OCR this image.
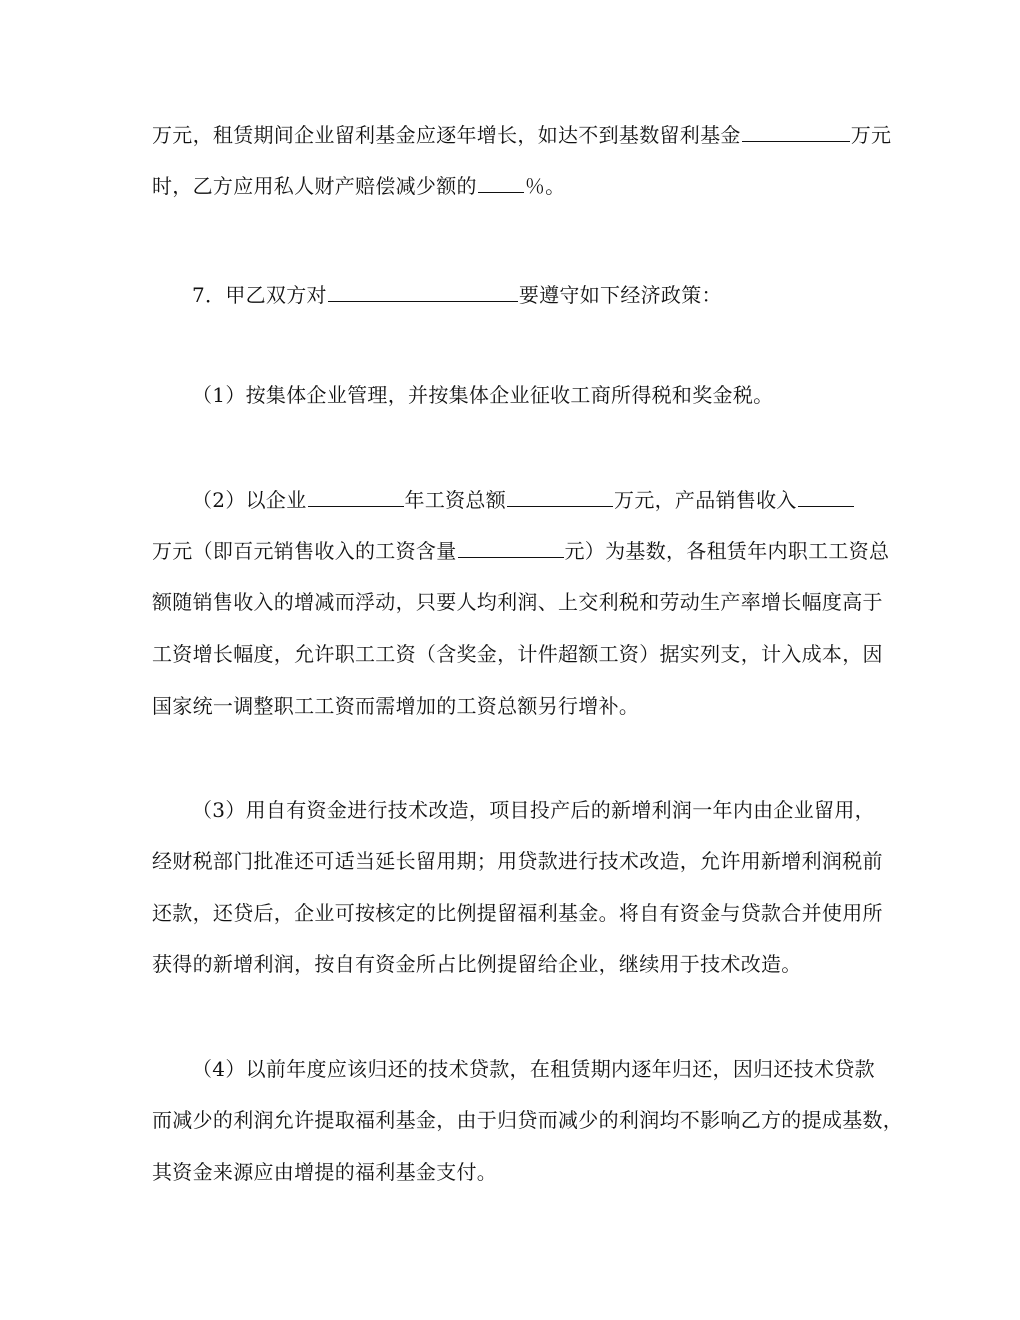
万元，租赁期间企业留利基金应逐年增长，如达不到基数留利基金	万元
时，乙方应用私人财产赔偿减少额的 ％。
7．甲乙双方对	要遵守如下经济政策：
（1）按集体企业管理，并按集体企业征收工商所得税和奖金税。
（2）以企业	年工资总额	万元，产品销售收入
万元（即百元销售收入的工资含量	元）为基数，各租赁年内职工工资总
额随销售收入的增减而浮动，只要人均利润、上交利税和劳动生产率增长幅度高于
工资增长幅度，允许职工工资（含奖金，计件超额工资）据实列支，计入成本，因
国家统一调整职工工资而需增加的工资总额另行增补。
（3）用自有资金进行技术改造，项目投产后的新增利润一年内由企业留用，
经财税部门批准还可适当延长留用期；用贷款进行技术改造，允许用新增利润税前
还款，还贷后，企业可按核定的比例提留福利基金。将自有资金与贷款合并使用所
获得的新增利润，按自有资金所占比例提留给企业，继续用于技术改造。
（4）以前年度应该归还的技术贷款，在租赁期内逐年归还，因归还技术贷款
而减少的利润允许提取福利基金，由于归贷而减少的利润均不影响乙方的提成基数，
其资金来源应由增提的福利基金支付。
